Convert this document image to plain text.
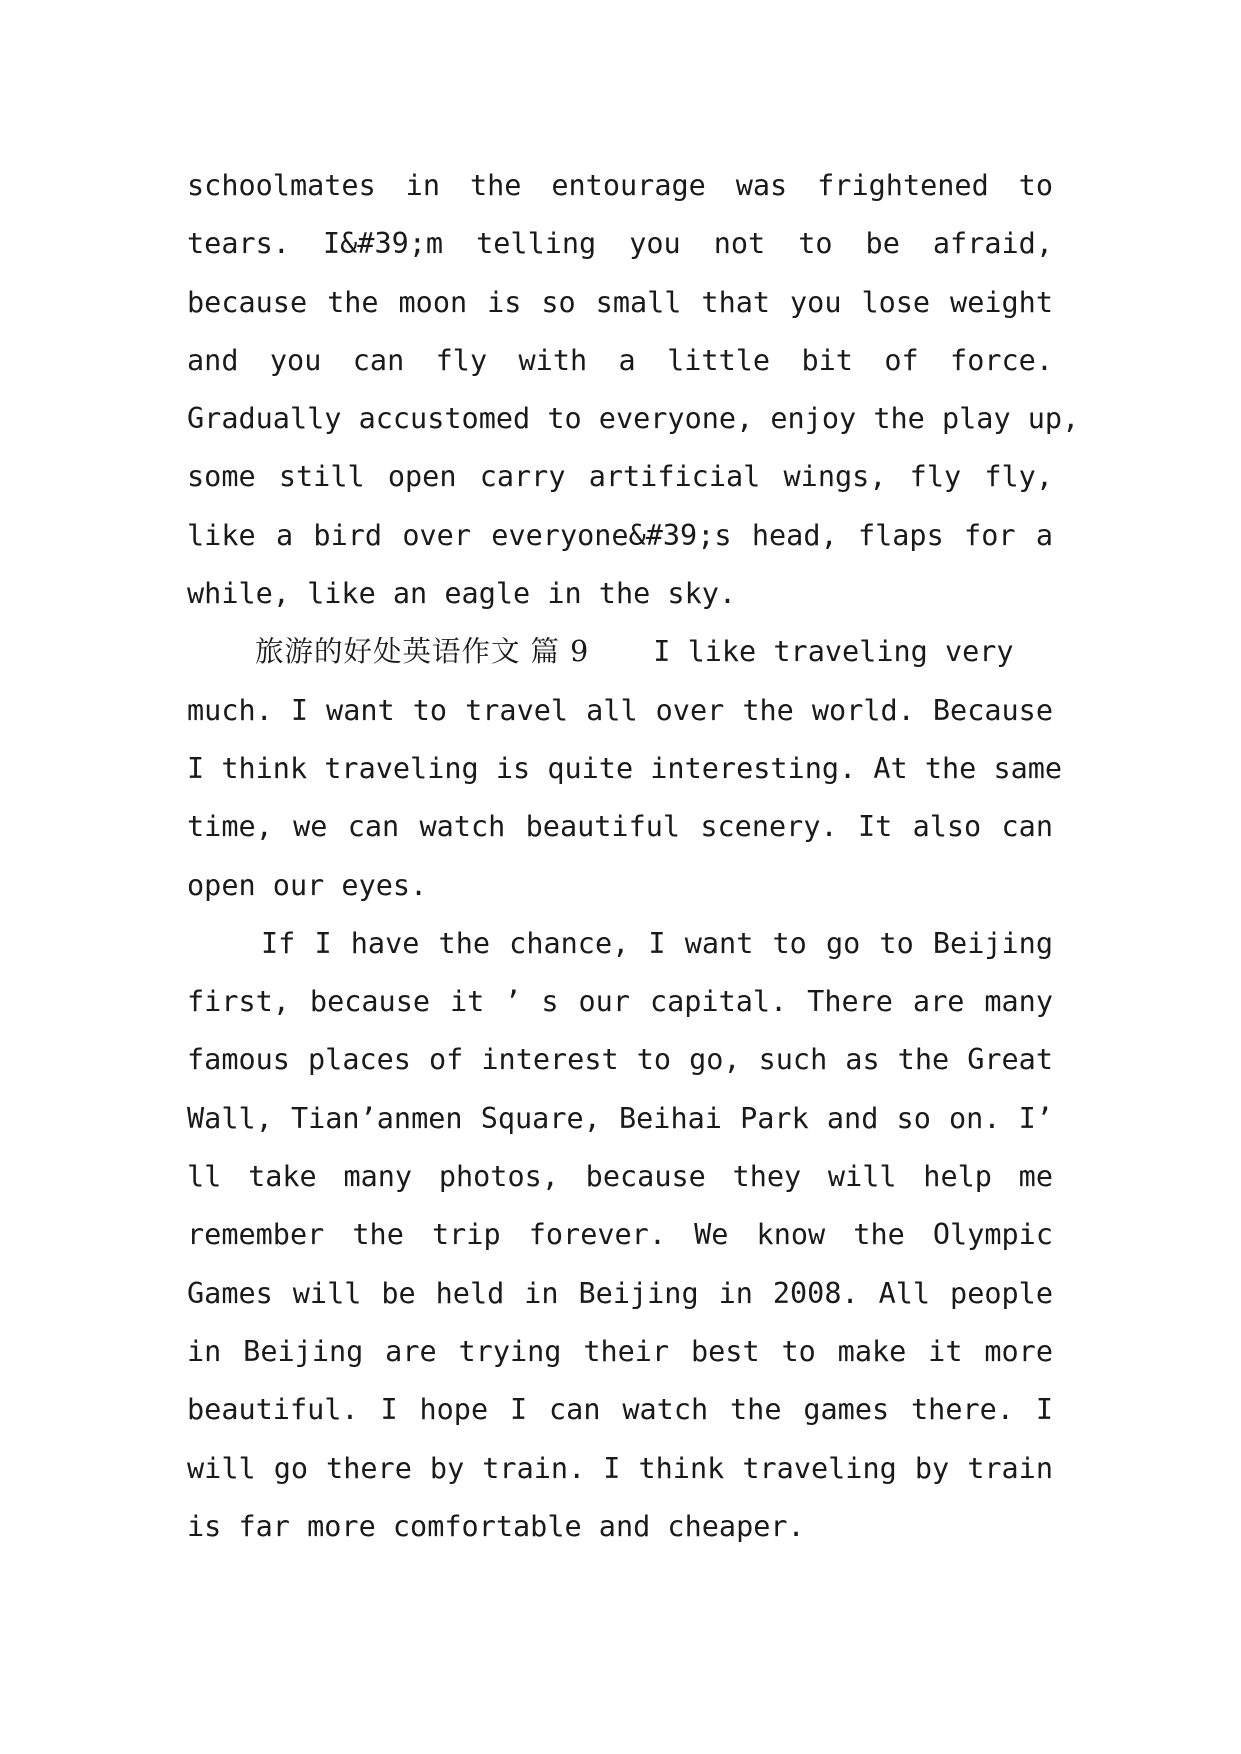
schoolmates in the entourage was frightened to
tears. I&#39;m telling you not to be afraid,
because the moon is so small that you lose weight
and you can fly with a little bit of force.
Gradually accustomed to everyone, enjoy the play up,
some still open carry artificial wings, fly fly,
like a bird over everyone&#39;s head, flaps for a
while, like an eagle in the sky.
旅游的好处英语作文 篇 9 I like traveling very
much. I want to travel all over the world. Because
I think traveling is quite interesting. At the same
time, we can watch beautiful scenery. It also can
open our eyes.
If I have the chance, I want to go to Beijing
first, because it ’ s our capital. There are many
famous places of interest to go, such as the Great
Wall, Tian’anmen Square, Beihai Park and so on. I’
ll take many photos, because they will help me
remember the trip forever. We know the Olympic
Games will be held in Beijing in 2008. All people
in Beijing are trying their best to make it more
beautiful. I hope I can watch the games there. I
will go there by train. I think traveling by train
is far more comfortable and cheaper.
